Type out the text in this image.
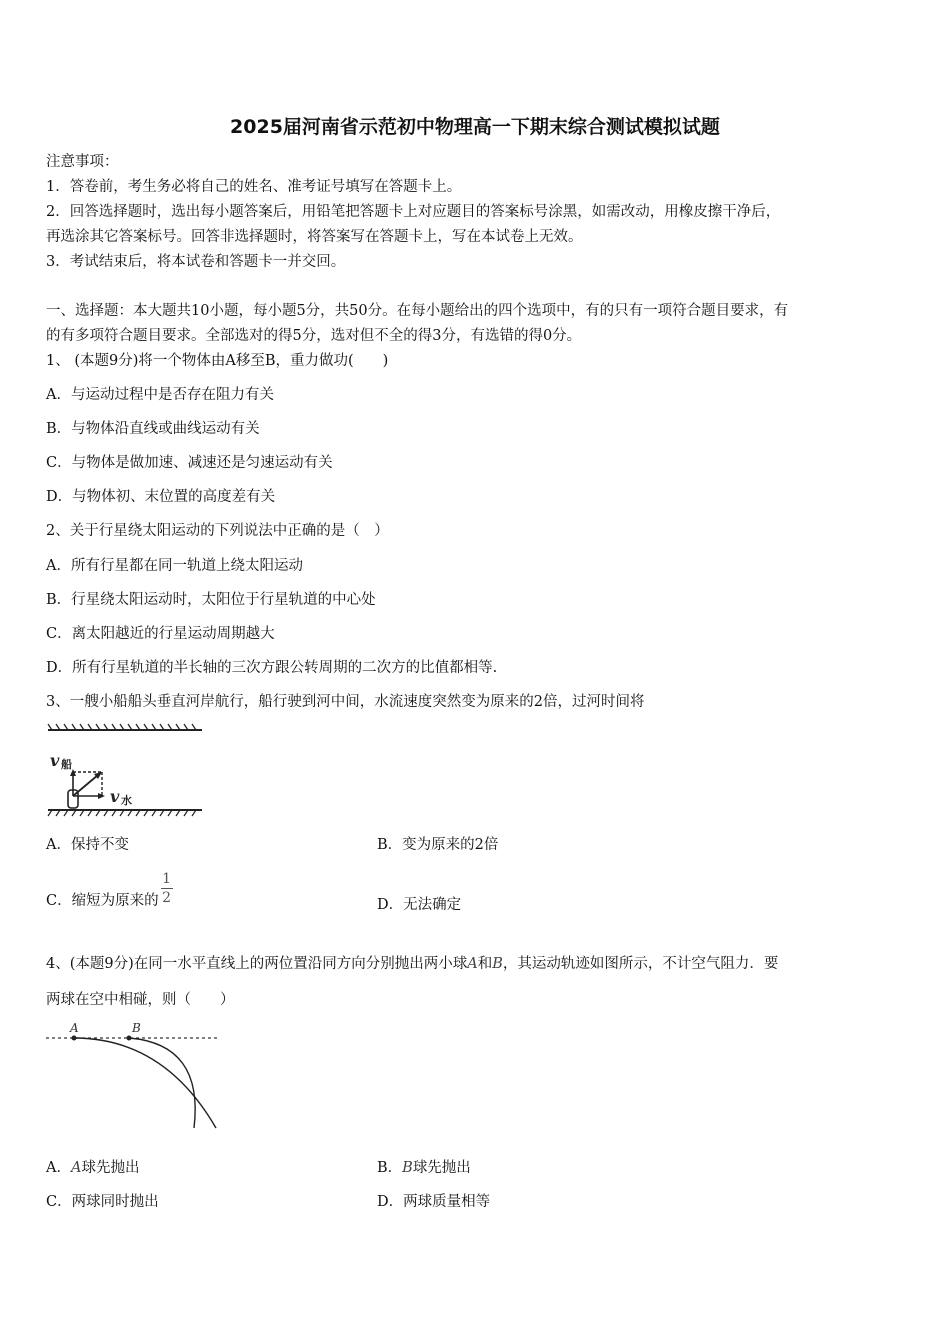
2025届河南省示范初中物理高一下期末综合测试模拟试题
注意事项：
1．答卷前，考生务必将自己的姓名、准考证号填写在答题卡上。
2．回答选择题时，选出每小题答案后，用铅笔把答题卡上对应题目的答案标号涂黑，如需改动，用橡皮擦干净后，
再选涂其它答案标号。回答非选择题时，将答案写在答题卡上，写在本试卷上无效。
3．考试结束后，将本试卷和答题卡一并交回。
一、选择题：本大题共10小题，每小题5分，共50分。在每小题给出的四个选项中，有的只有一项符合题目要求，有
的有多项符合题目要求。全部选对的得5分，选对但不全的得3分，有选错的得0分。
1、 (本题9分)将一个物体由A移至B，重力做功(　　)
A．与运动过程中是否存在阻力有关
B．与物体沿直线或曲线运动有关
C．与物体是做加速、减速还是匀速运动有关
D．与物体初、末位置的高度差有关
2、关于行星绕太阳运动的下列说法中正确的是（　）
A．所有行星都在同一轨道上绕太阳运动
B．行星绕太阳运动时，太阳位于行星轨道的中心处
C．离太阳越近的行星运动周期越大
D．所有行星轨道的半长轴的三次方跟公转周期的二次方的比值都相等.
3、一艘小船船头垂直河岸航行，船行驶到河中间，水流速度突然变为原来的2倍，过河时间将
v 船
v 水
A．保持不变	B．变为原来的2倍
C．缩短为原来的 $\frac{1}{2}$	D．无法确定
4、(本题9分)在同一水平直线上的两位置沿同方向分别抛出两小球A和B，其运动轨迹如图所示，不计空气阻力．要
两球在空中相碰，则（　　）
A	B
A．A球先抛出	B．B球先抛出
C．两球同时抛出	D．两球质量相等
